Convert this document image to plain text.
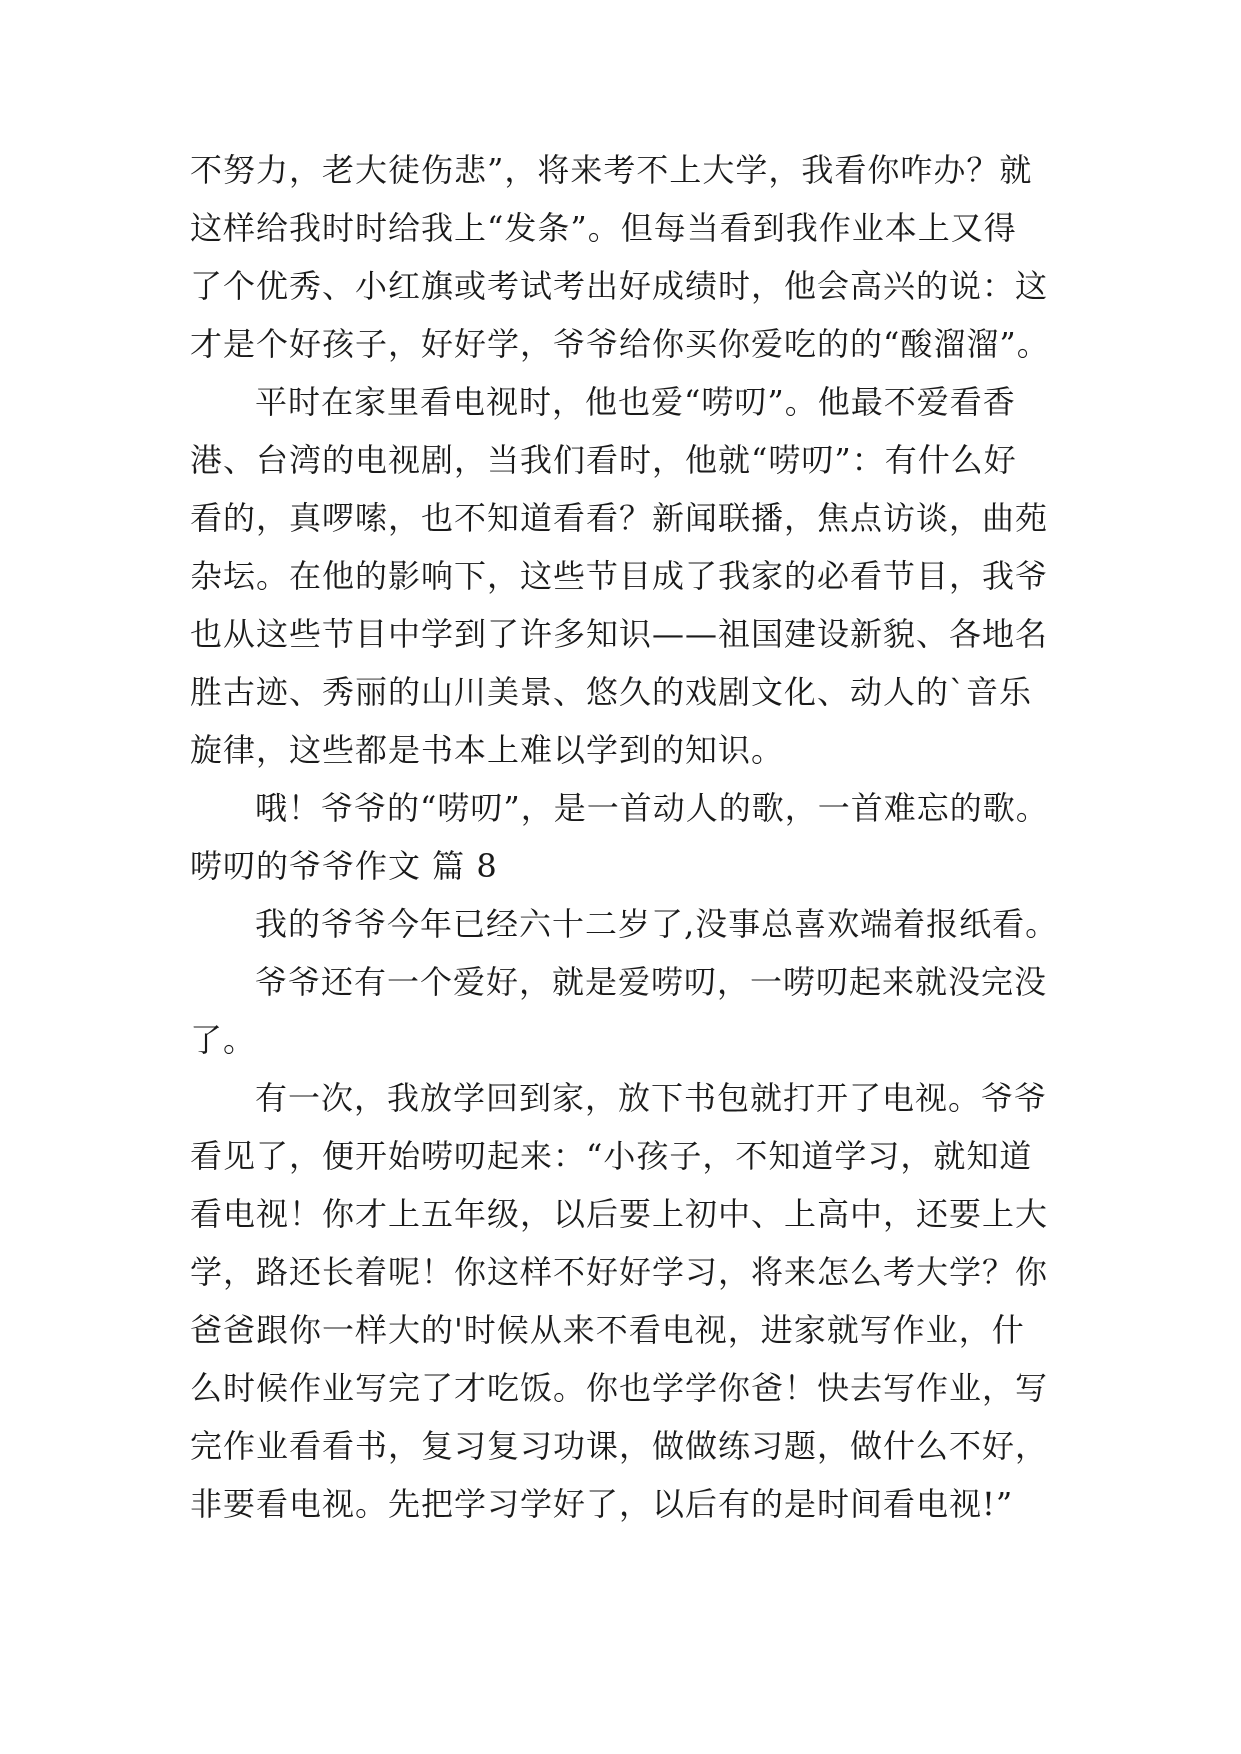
不努力，老大徒伤悲”，将来考不上大学，我看你咋办？就
这样给我时时给我上“发条”。但每当看到我作业本上又得
了个优秀、小红旗或考试考出好成绩时，他会高兴的说：这
才是个好孩子，好好学，爷爷给你买你爱吃的的“酸溜溜”。
平时在家里看电视时，他也爱“唠叨”。他最不爱看香
港、台湾的电视剧，当我们看时，他就“唠叨”：有什么好
看的，真啰嗦，也不知道看看？新闻联播，焦点访谈，曲苑
杂坛。在他的影响下，这些节目成了我家的必看节目，我爷
也从这些节目中学到了许多知识——祖国建设新貌、各地名
胜古迹、秀丽的山川美景、悠久的戏剧文化、动人的`音乐
旋律，这些都是书本上难以学到的知识。
哦！爷爷的“唠叨”，是一首动人的歌，一首难忘的歌。
唠叨的爷爷作文 篇 8
我的爷爷今年已经六十二岁了,没事总喜欢端着报纸看。
爷爷还有一个爱好，就是爱唠叨，一唠叨起来就没完没
了。
有一次，我放学回到家，放下书包就打开了电视。爷爷
看见了，便开始唠叨起来：“小孩子，不知道学习，就知道
看电视！你才上五年级，以后要上初中、上高中，还要上大
学，路还长着呢！你这样不好好学习，将来怎么考大学？你
爸爸跟你一样大的'时候从来不看电视，进家就写作业，什
么时候作业写完了才吃饭。你也学学你爸！快去写作业，写
完作业看看书，复习复习功课，做做练习题，做什么不好，
非要看电视。先把学习学好了，以后有的是时间看电视!”
